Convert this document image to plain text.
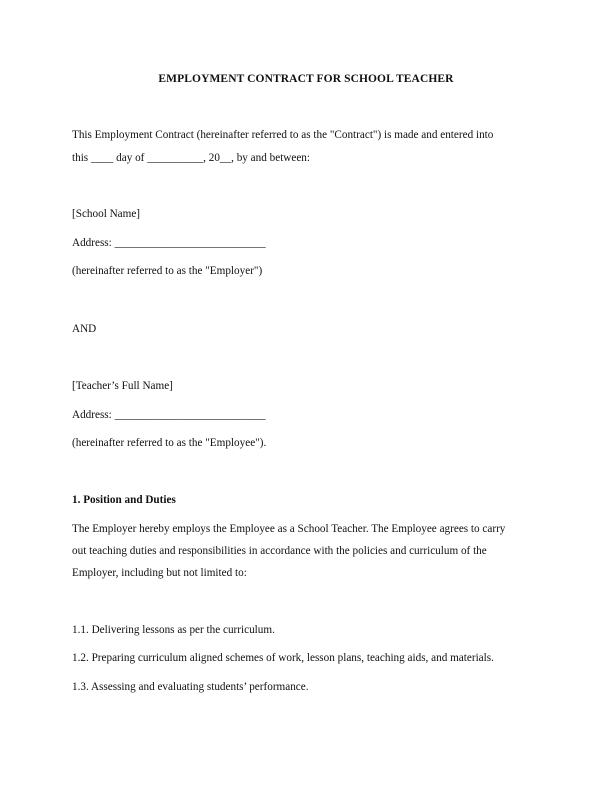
EMPLOYMENT CONTRACT FOR SCHOOL TEACHER

This Employment Contract (hereinafter referred to as the "Contract") is made and entered into

this ____ day of __________, 20__, by and between:

[School Name]

Address: ___________________________

(hereinafter referred to as the "Employer")

AND

[Teacher’s Full Name]

Address: ___________________________

(hereinafter referred to as the "Employee").

1. Position and Duties

The Employer hereby employs the Employee as a School Teacher. The Employee agrees to carry

out teaching duties and responsibilities in accordance with the policies and curriculum of the

Employer, including but not limited to:

1.1. Delivering lessons as per the curriculum.

1.2. Preparing curriculum aligned schemes of work, lesson plans, teaching aids, and materials.

1.3. Assessing and evaluating students’ performance.
